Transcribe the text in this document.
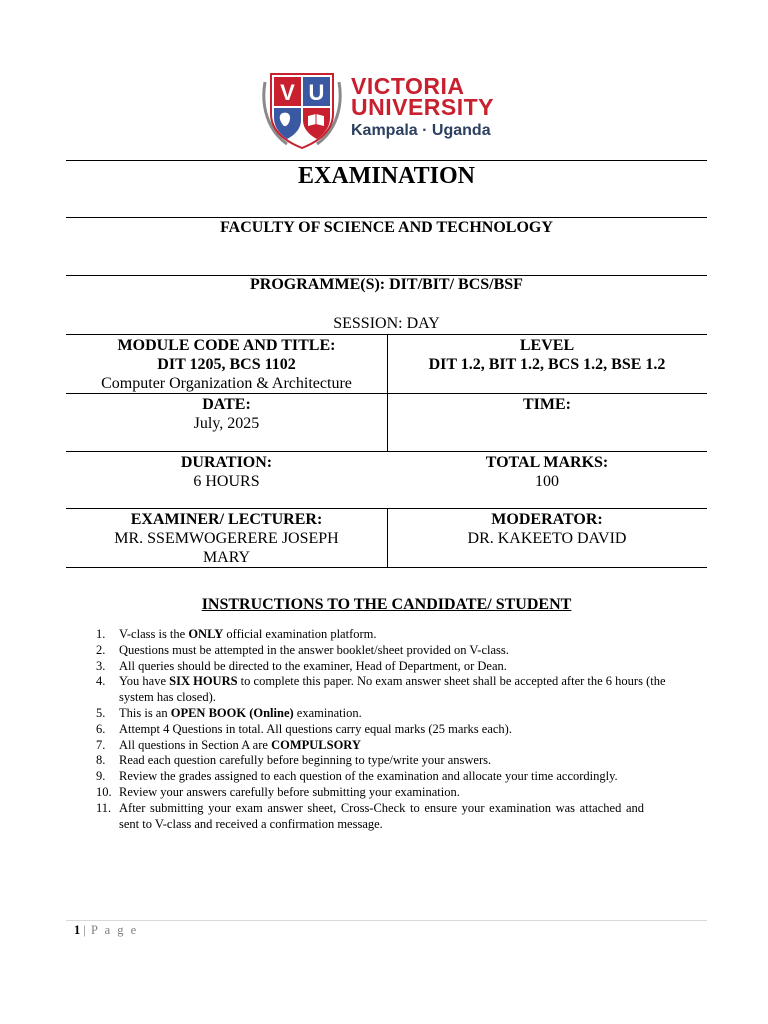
V U VICTORIA
UNIVERSITY
Kampala · Uganda
EXAMINATION
FACULTY OF SCIENCE AND TECHNOLOGY
PROGRAMME(S): DIT/BIT/ BCS/BSF
SESSION: DAY
MODULE CODE AND TITLE:
DIT 1205, BCS 1102
Computer Organization & Architecture
LEVEL
DIT 1.2, BIT 1.2, BCS 1.2, BSE 1.2
DATE:
July, 2025
TIME:
DURATION:
6 HOURS
TOTAL MARKS:
100
EXAMINER/ LECTURER:
MR. SSEMWOGERERE JOSEPH
MARY
MODERATOR:
DR. KAKEETO DAVID
INSTRUCTIONS TO THE CANDIDATE/ STUDENT
1. V-class is the ONLY official examination platform.
2. Questions must be attempted in the answer booklet/sheet provided on V-class.
3. All queries should be directed to the examiner, Head of Department, or Dean.
4. You have SIX HOURS to complete this paper. No exam answer sheet shall be accepted after the 6 hours (the system has closed).
5. This is an OPEN BOOK (Online) examination.
6. Attempt 4 Questions in total. All questions carry equal marks (25 marks each).
7. All questions in Section A are COMPULSORY
8. Read each question carefully before beginning to type/write your answers.
9. Review the grades assigned to each question of the examination and allocate your time accordingly.
10. Review your answers carefully before submitting your examination.
11. After submitting your exam answer sheet, Cross-Check to ensure your examination was attached and sent to V-class and received a confirmation message.
1 | P a g e
